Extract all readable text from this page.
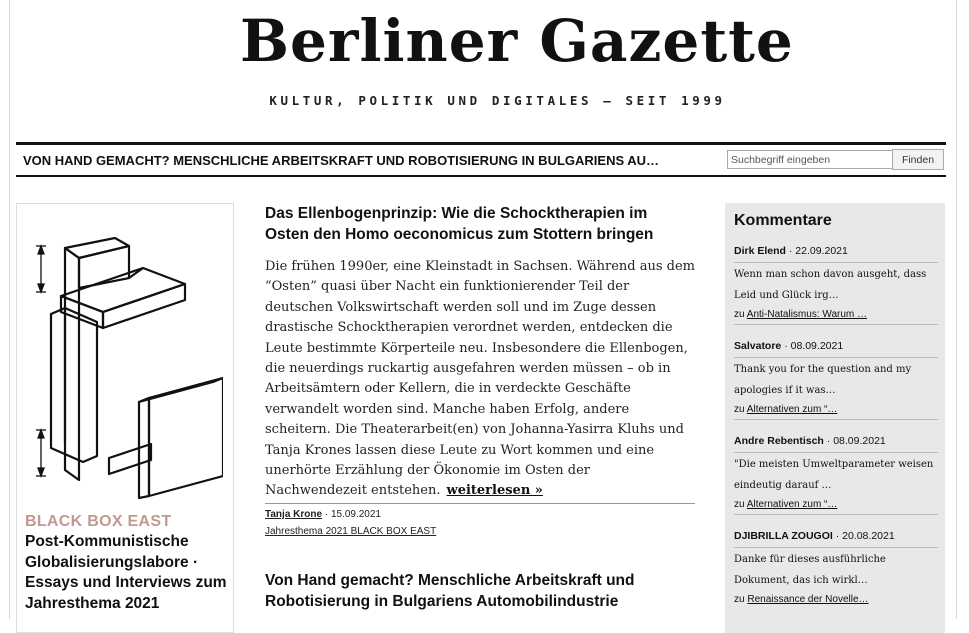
Berliner Gazette
KULTUR, POLITIK UND DIGITALES – SEIT 1999
VON HAND GEMACHT? MENSCHLICHE ARBEITSKRAFT UND ROBOTISIERUNG IN BULGARIENS AU…
Suchbegriff eingeben	Finden
BLACK BOX EAST
Post-Kommunistische Globalisierungslabore · Essays und Interviews zum Jahresthema 2021
Das Ellenbogenprinzip: Wie die Schocktherapien im Osten den Homo oeconomicus zum Stottern bringen
Die frühen 1990er, eine Kleinstadt in Sachsen. Während aus dem “Osten” quasi über Nacht ein funktionierender Teil der deutschen Volkswirtschaft werden soll und im Zuge dessen drastische Schocktherapien verordnet werden, entdecken die Leute bestimmte Körperteile neu. Insbesondere die Ellenbogen, die neuerdings ruckartig ausgefahren werden müssen – ob in Arbeitsämtern oder Kellern, die in verdeckte Geschäfte verwandelt worden sind. Manche haben Erfolg, andere scheitern. Die Theaterarbeit(en) von Johanna-Yasirra Kluhs und Tanja Krones lassen diese Leute zu Wort kommen und eine unerhörte Erzählung der Ökonomie im Osten der Nachwendezeit entstehen. weiterlesen »
Tanja Krone · 15.09.2021
Jahresthema 2021 BLACK BOX EAST
Von Hand gemacht? Menschliche Arbeitskraft und Robotisierung in Bulgariens Automobilindustrie
Kommentare
Dirk Elend · 22.09.2021
Wenn man schon davon ausgeht, dass
Leid und Glück irg…
zu Anti-Natalismus: Warum …
Salvatore · 08.09.2021
Thank you for the question and my
apologies if it was…
zu Alternativen zum “…
Andre Rebentisch · 08.09.2021
"Die meisten Umweltparameter weisen
eindeutig darauf …
zu Alternativen zum “…
DJIBRILLA ZOUGOI · 20.08.2021
Danke für dieses ausführliche
Dokument, das ich wirkl…
zu Renaissance der Novelle…
